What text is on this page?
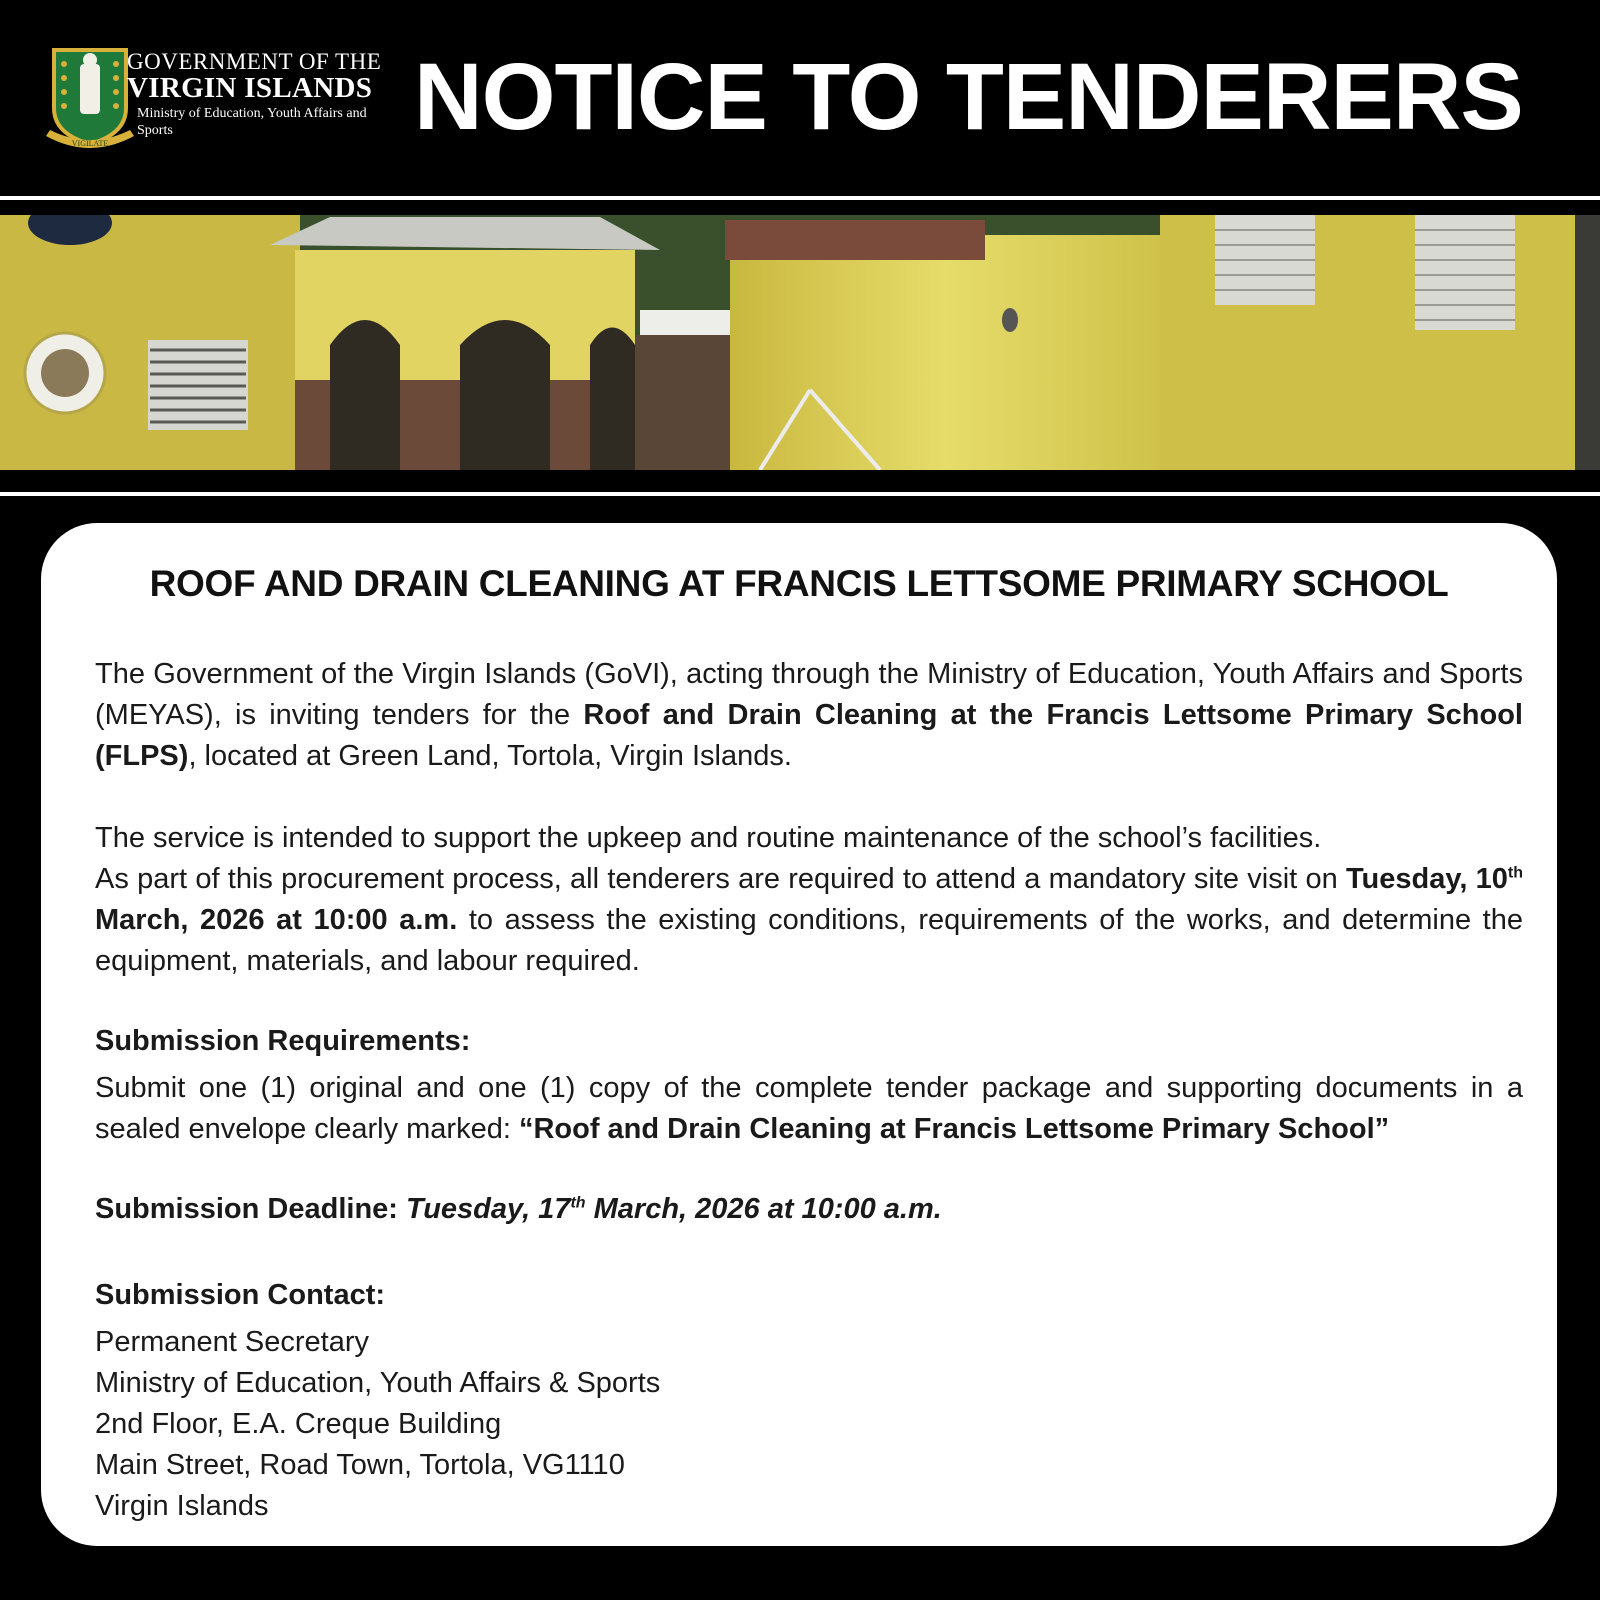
VIGILATE
GOVERNMENT OF THE
VIRGIN ISLANDS
Ministry of Education, Youth Affairs and Sports	NOTICE TO TENDERERS
ROOF AND DRAIN CLEANING AT FRANCIS LETTSOME PRIMARY SCHOOL
The Government of the Virgin Islands (GoVI), acting through the Ministry of Education, Youth Affairs and Sports (MEYAS), is inviting tenders for the Roof and Drain Cleaning at the Francis Lettsome Primary School (FLPS), located at Green Land, Tortola, Virgin Islands.
The service is intended to support the upkeep and routine maintenance of the school’s facilities.
As part of this procurement process, all tenderers are required to attend a mandatory site visit on Tuesday, 10th March, 2026 at 10:00 a.m. to assess the existing conditions, requirements of the works, and determine the equipment, materials, and labour required.
Submission Requirements:
Submit one (1) original and one (1) copy of the complete tender package and supporting documents in a sealed envelope clearly marked: “Roof and Drain Cleaning at Francis Lettsome Primary School”
Submission Deadline: Tuesday, 17th March, 2026 at 10:00 a.m.
Submission Contact:
Permanent Secretary
Ministry of Education, Youth Affairs & Sports
2nd Floor, E.A. Creque Building
Main Street, Road Town, Tortola, VG1110
Virgin Islands
